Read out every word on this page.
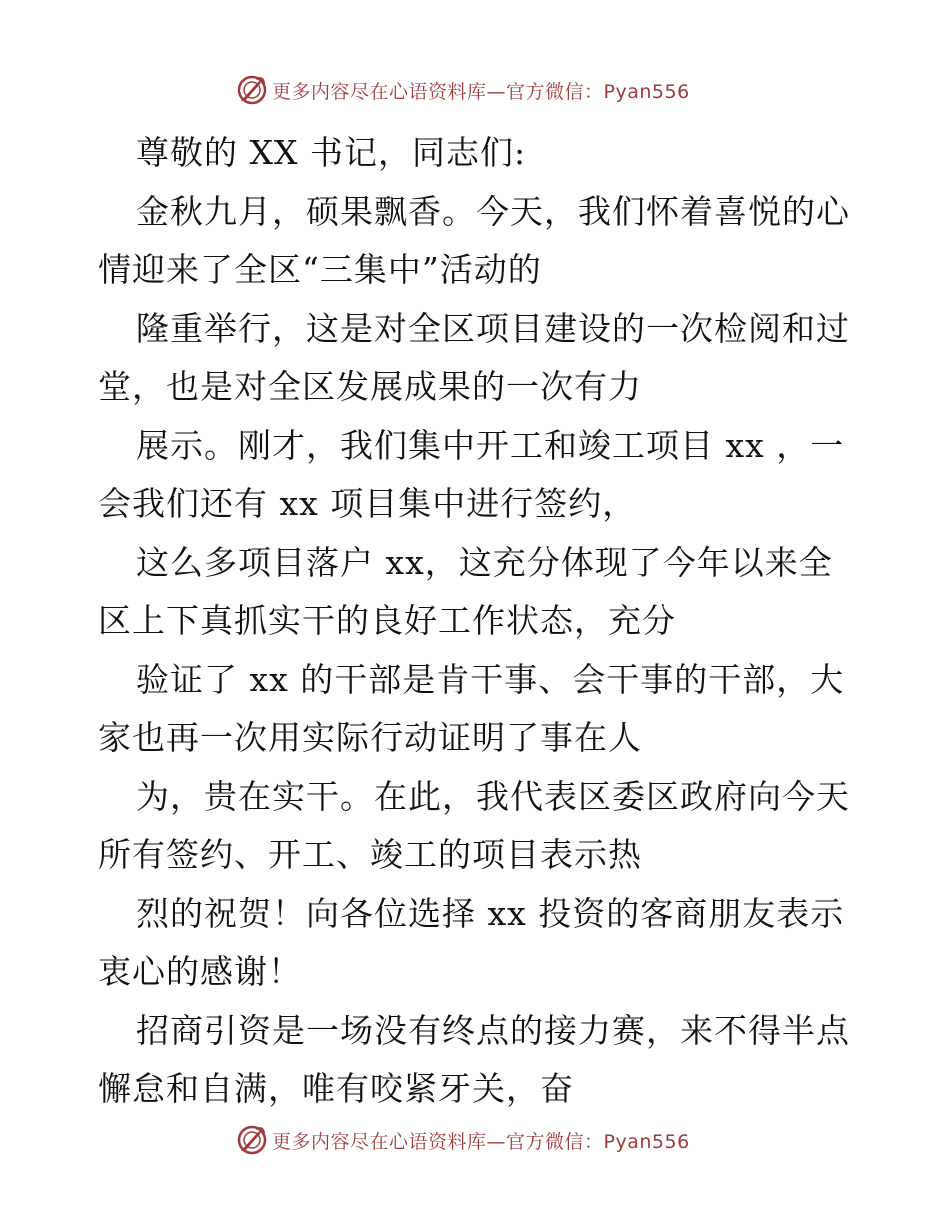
更多内容尽在心语资料库—官方微信：Pyan556
尊敬的 XX 书记，同志们:
金秋九月，硕果飘香。今天，我们怀着喜悦的心
情迎来了全区“三集中”活动的
隆重举行，这是对全区项目建设的一次检阅和过
堂，也是对全区发展成果的一次有力
展示。刚才，我们集中开工和竣工项目 xx ，一
会我们还有 xx 项目集中进行签约，
这么多项目落户 xx，这充分体现了今年以来全
区上下真抓实干的良好工作状态，充分
验证了 xx 的干部是肯干事、会干事的干部，大
家也再一次用实际行动证明了事在人
为，贵在实干。在此，我代表区委区政府向今天
所有签约、开工、竣工的项目表示热
烈的祝贺！向各位选择 xx 投资的客商朋友表示
衷心的感谢！
招商引资是一场没有终点的接力赛，来不得半点
懈怠和自满，唯有咬紧牙关，奋
更多内容尽在心语资料库—官方微信：Pyan556
